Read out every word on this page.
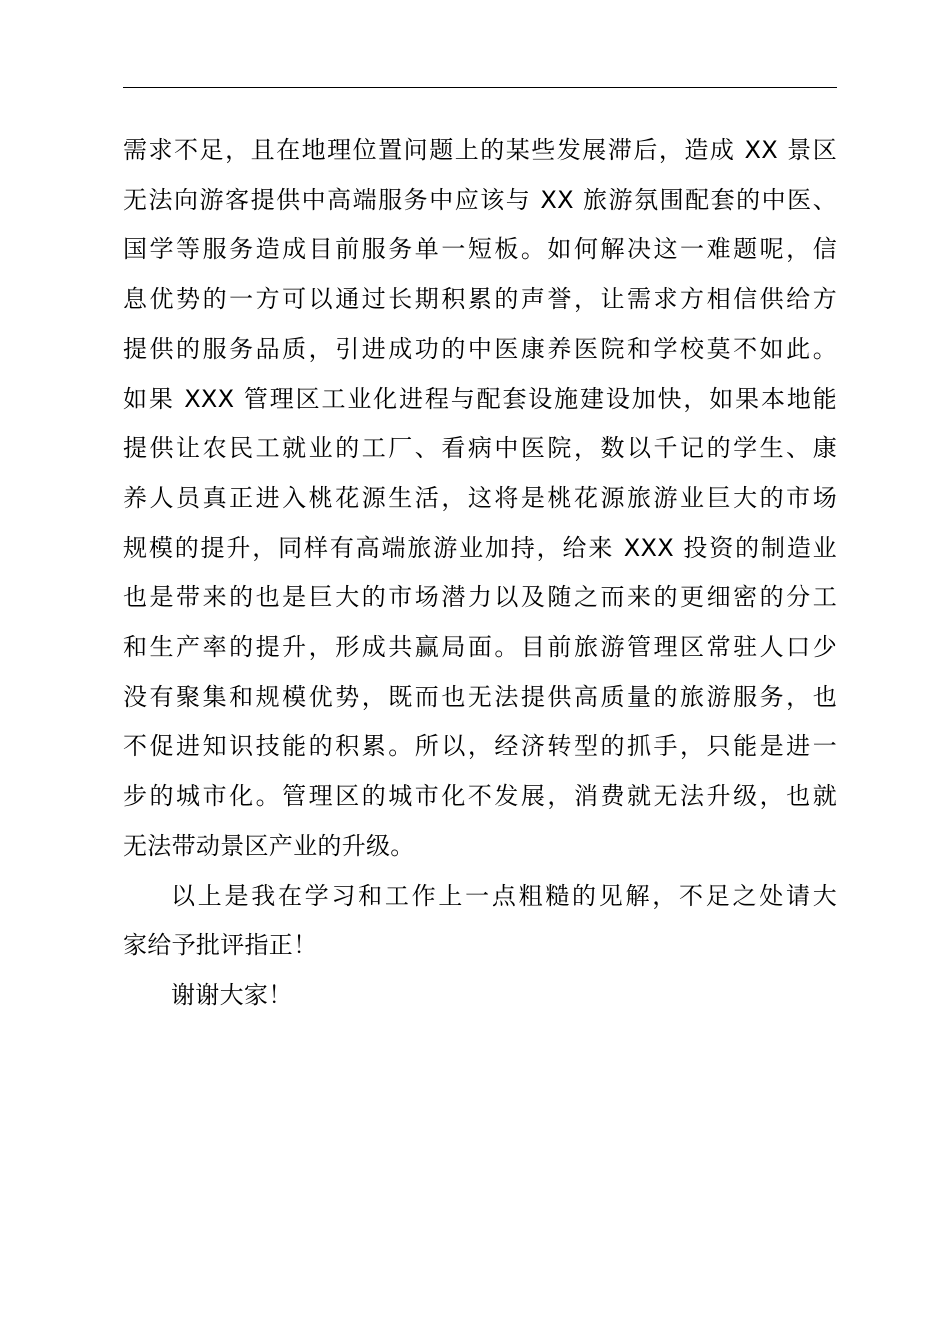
需求不足，且在地理位置问题上的某些发展滞后，造成 XX 景区
无法向游客提供中高端服务中应该与 XX 旅游氛围配套的中医、
国学等服务造成目前服务单一短板。如何解决这一难题呢，信
息优势的一方可以通过长期积累的声誉，让需求方相信供给方
提供的服务品质，引进成功的中医康养医院和学校莫不如此。
如果 XXX 管理区工业化进程与配套设施建设加快，如果本地能
提供让农民工就业的工厂、看病中医院，数以千记的学生、康
养人员真正进入桃花源生活，这将是桃花源旅游业巨大的市场
规模的提升，同样有高端旅游业加持，给来 XXX 投资的制造业
也是带来的也是巨大的市场潜力以及随之而来的更细密的分工
和生产率的提升，形成共赢局面。目前旅游管理区常驻人口少
没有聚集和规模优势，既而也无法提供高质量的旅游服务，也
不促进知识技能的积累。所以，经济转型的抓手，只能是进一
步的城市化。管理区的城市化不发展，消费就无法升级，也就
无法带动景区产业的升级。

以上是我在学习和工作上一点粗糙的见解，不足之处请大
家给予批评指正！

谢谢大家！
